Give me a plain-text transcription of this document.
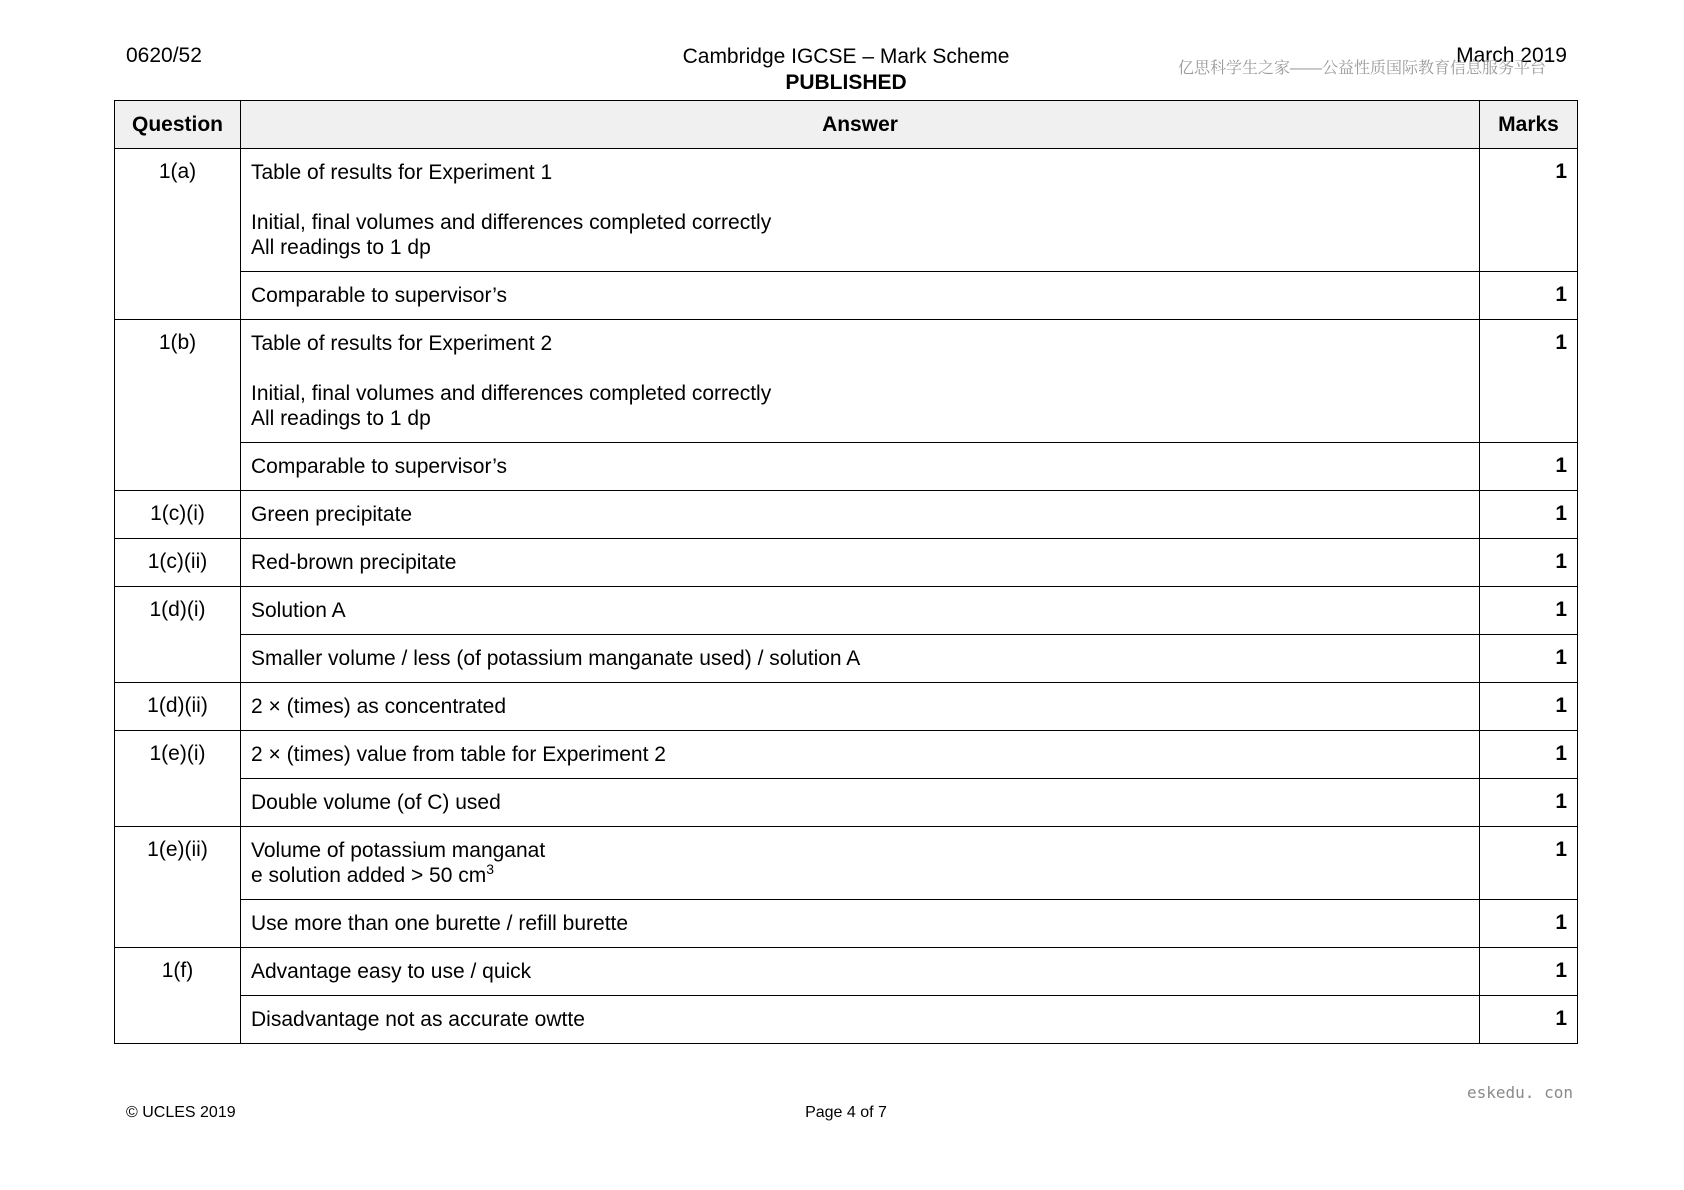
0620/52	Cambridge IGCSE – Mark Scheme
PUBLISHED
March 2019
亿思科学生之家——公益性质国际教育信息服务平台
Question	Answer	Marks
1(a)	Table of results for Experiment 1
Initial, final volumes and differences completed correctly
All readings to 1 dp	1
	Comparable to supervisor’s	1
1(b)	Table of results for Experiment 2
Initial, final volumes and differences completed correctly
All readings to 1 dp	1
	Comparable to supervisor’s	1
1(c)(i)	Green precipitate	1
1(c)(ii)	Red-brown precipitate	1
1(d)(i)	Solution A	1
	Smaller volume / less (of potassium manganate used) / solution A	1
1(d)(ii)	2 × (times) as concentrated	1
1(e)(i)	2 × (times) value from table for Experiment 2	1
	Double volume (of C) used	1
1(e)(ii)	Volume of potassium manganat
e solution added > 50 $cm^3$	1
	Use more than one burette / refill burette	1
1(f)	Advantage easy to use / quick	1
	Disadvantage not as accurate owtte	1
eskedu. con
© UCLES 2019	Page 4 of 7
